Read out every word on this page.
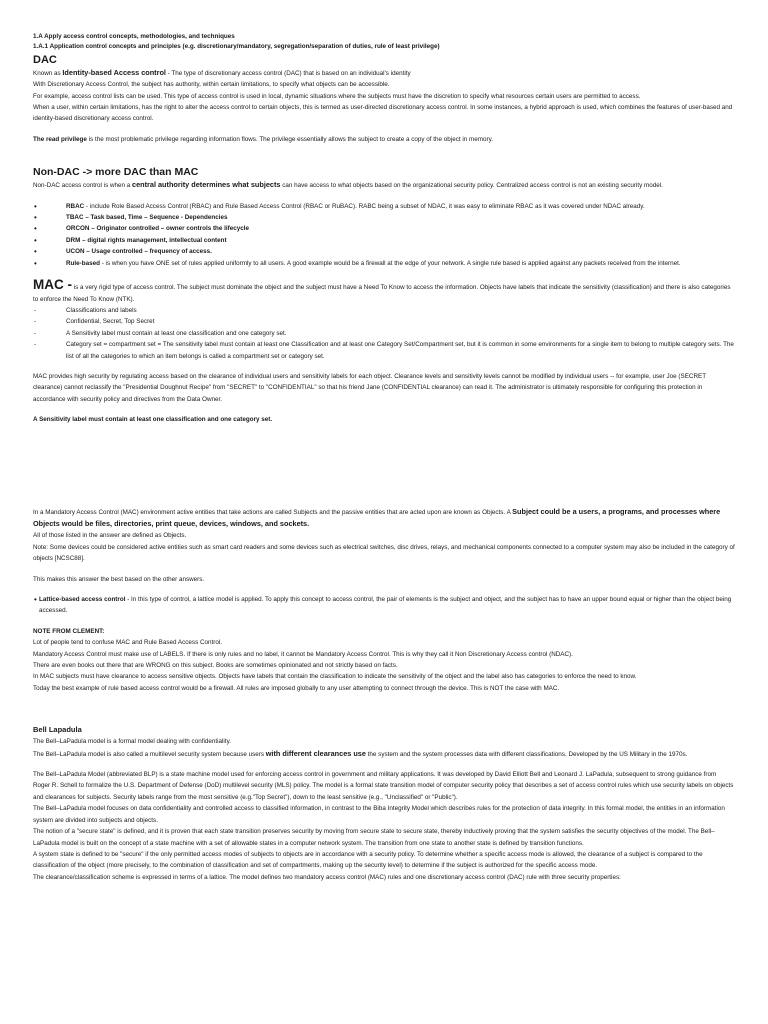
1.A Apply access control concepts, methodologies, and techniques

1.A.1 Application control concepts and principles (e.g. discretionary/mandatory, segregation/separation of duties, rule of least privilege)

DAC

Known as Identity-based Access control - The type of discretionary access control (DAC) that is based on an individual's identity

With Discretionary Access Control, the subject has authority, within certain limitations, to specify what objects can be accessible.

For example, access control lists can be used. This type of access control is used in local, dynamic situations where the subjects must have the discretion to specify what resources certain users are permitted to access.

When a user, within certain limitations, has the right to alter the access control to certain objects, this is termed as user-directed discretionary access control. In some instances, a hybrid approach is used, which combines the features of user-based and identity-based discretionary access control.

The read privilege is the most problematic privilege regarding information flows. The privilege essentially allows the subject to create a copy of the object in memory.

Non-DAC -> more DAC than MAC

Non-DAC access control is when a central authority determines what subjects can have access to what objects based on the organizational security policy. Centralized access control is not an existing security model.

• RBAC - include Role Based Access Control (RBAC) and Rule Based Access Control (RBAC or RuBAC). RABC being a subset of NDAC, it was easy to eliminate RBAC as it was covered under NDAC already.
• TBAC – Task based, Time – Sequence - Dependencies
• ORCON – Originator controlled – owner controls the lifecycle
• DRM – digital rights management, intellectual content
• UCON – Usage controlled – frequency of access.
• Rule-based - is when you have ONE set of rules applied uniformly to all users. A good example would be a firewall at the edge of your network. A single rule based is applied against any packets received from the internet.

MAC - is a very rigid type of access control. The subject must dominate the object and the subject must have a Need To Know to access the information. Objects have labels that indicate the sensitivity (classification) and there is also categories to enforce the Need To Know (NTK).

- Classifications and labels
- Confidential, Secret, Top Secret
- A Sensitivity label must contain at least one classification and one category set.
- Category set = compartment set = The sensitivity label must contain at least one Classification and at least one Category Set/Compartment set, but it is common in some environments for a single item to belong to multiple category sets. The list of all the categories to which an item belongs is called a compartment set or category set.

MAC provides high security by regulating access based on the clearance of individual users and sensitivity labels for each object. Clearance levels and sensitivity levels cannot be modified by individual users -- for example, user Joe (SECRET clearance) cannot reclassify the "Presidential Doughnut Recipe" from "SECRET" to "CONFIDENTIAL" so that his friend Jane (CONFIDENTIAL clearance) can read it. The administrator is ultimately responsible for configuring this protection in accordance with security policy and directives from the Data Owner.

A Sensitivity label must contain at least one classification and one category set.

In a Mandatory Access Control (MAC) environment active entities that take actions are called Subjects and the passive entities that are acted upon are known as Objects. A Subject could be a users, a programs, and processes where Objects would be files, directories, print queue, devices, windows, and sockets.

All of those listed in the answer are defined as Objects.

Note: Some devices could be considered active entities such as smart card readers and some devices such as electrical switches, disc drives, relays, and mechanical components connected to a computer system may also be included in the category of objects [NCSC88].

This makes this answer the best based on the other answers.

• Lattice-based access control - In this type of control, a lattice model is applied. To apply this concept to access control, the pair of elements is the subject and object, and the subject has to have an upper bound equal or higher than the object being accessed.

NOTE FROM CLEMENT:

Lot of people tend to confuse MAC and Rule Based Access Control.

Mandatory Access Control must make use of LABELS. If there is only rules and no label, it cannot be Mandatory Access Control. This is why they call it Non Discretionary Access control (NDAC).

There are even books out there that are WRONG on this subject. Books are sometimes opinionated and not strictly based on facts.

In MAC subjects must have clearance to access sensitive objects. Objects have labels that contain the classification to indicate the sensitivity of the object and the label also has categories to enforce the need to know.

Today the best example of rule based access control would be a firewall. All rules are imposed globally to any user attempting to connect through the device. This is NOT the case with MAC.

Bell Lapadula

The Bell–LaPadula model is a formal model dealing with confidentiality.

The Bell–LaPadula model is also called a multilevel security system because users with different clearances use the system and the system processes data with different classifications. Developed by the US Military in the 1970s.

The Bell–LaPadula Model (abbreviated BLP) is a state machine model used for enforcing access control in government and military applications. It was developed by David Elliott Bell and Leonard J. LaPadula, subsequent to strong guidance from Roger R. Schell to formalize the U.S. Department of Defense (DoD) multilevel security (MLS) policy. The model is a formal state transition model of computer security policy that describes a set of access control rules which use security labels on objects and clearances for subjects. Security labels range from the most sensitive (e.g."Top Secret"), down to the least sensitive (e.g., "Unclassified" or "Public").

The Bell–LaPadula model focuses on data confidentiality and controlled access to classified information, in contrast to the Biba Integrity Model which describes rules for the protection of data integrity. In this formal model, the entities in an information system are divided into subjects and objects.

The notion of a "secure state" is defined, and it is proven that each state transition preserves security by moving from secure state to secure state, thereby inductively proving that the system satisfies the security objectives of the model. The Bell–LaPadula model is built on the concept of a state machine with a set of allowable states in a computer network system. The transition from one state to another state is defined by transition functions.

A system state is defined to be "secure" if the only permitted access modes of subjects to objects are in accordance with a security policy. To determine whether a specific access mode is allowed, the clearance of a subject is compared to the classification of the object (more precisely, to the combination of classification and set of compartments, making up the security level) to determine if the subject is authorized for the specific access mode.

The clearance/classification scheme is expressed in terms of a lattice. The model defines two mandatory access control (MAC) rules and one discretionary access control (DAC) rule with three security properties:
